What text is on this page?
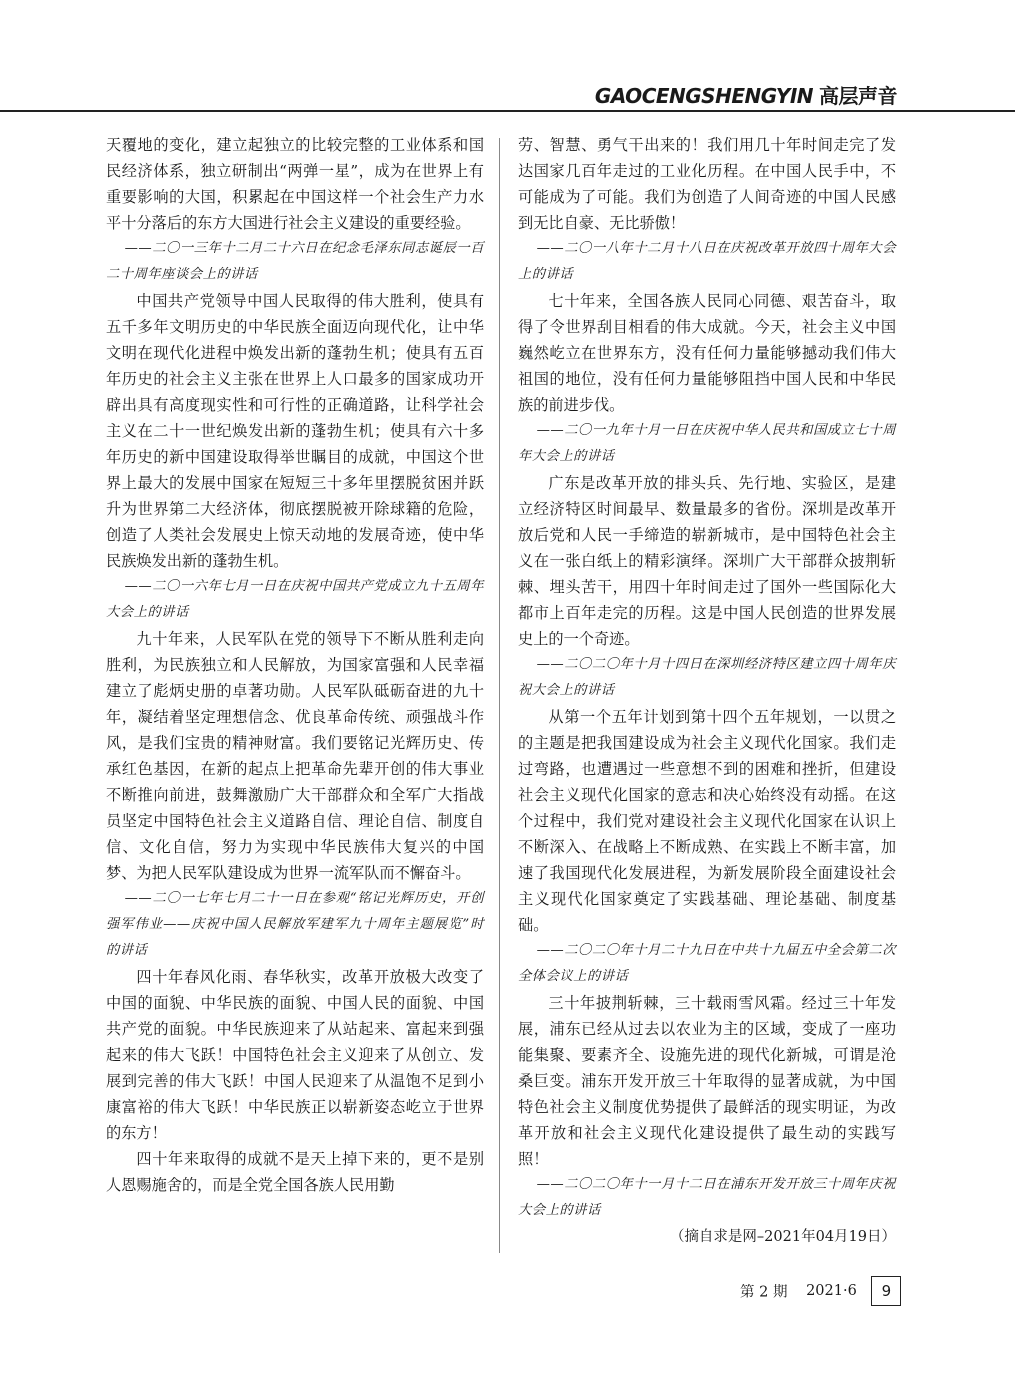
GAOCENGSHENGYIN 高层声音

天覆地的变化，建立起独立的比较完整的工业体系和国民经济体系，独立研制出“两弹一星”，成为在世界上有重要影响的大国，积累起在中国这样一个社会生产力水平十分落后的东方大国进行社会主义建设的重要经验。

——二〇一三年十二月二十六日在纪念毛泽东同志诞辰一百二十周年座谈会上的讲话

中国共产党领导中国人民取得的伟大胜利，使具有五千多年文明历史的中华民族全面迈向现代化，让中华文明在现代化进程中焕发出新的蓬勃生机；使具有五百年历史的社会主义主张在世界上人口最多的国家成功开辟出具有高度现实性和可行性的正确道路，让科学社会主义在二十一世纪焕发出新的蓬勃生机；使具有六十多年历史的新中国建设取得举世瞩目的成就，中国这个世界上最大的发展中国家在短短三十多年里摆脱贫困并跃升为世界第二大经济体，彻底摆脱被开除球籍的危险，创造了人类社会发展史上惊天动地的发展奇迹，使中华民族焕发出新的蓬勃生机。

——二〇一六年七月一日在庆祝中国共产党成立九十五周年大会上的讲话

九十年来，人民军队在党的领导下不断从胜利走向胜利，为民族独立和人民解放，为国家富强和人民幸福建立了彪炳史册的卓著功勋。人民军队砥砺奋进的九十年，凝结着坚定理想信念、优良革命传统、顽强战斗作风，是我们宝贵的精神财富。我们要铭记光辉历史、传承红色基因，在新的起点上把革命先辈开创的伟大事业不断推向前进，鼓舞激励广大干部群众和全军广大指战员坚定中国特色社会主义道路自信、理论自信、制度自信、文化自信，努力为实现中华民族伟大复兴的中国梦、为把人民军队建设成为世界一流军队而不懈奋斗。

——二〇一七年七月二十一日在参观“铭记光辉历史，开创强军伟业——庆祝中国人民解放军建军九十周年主题展览”时的讲话

四十年春风化雨、春华秋实，改革开放极大改变了中国的面貌、中华民族的面貌、中国人民的面貌、中国共产党的面貌。中华民族迎来了从站起来、富起来到强起来的伟大飞跃！中国特色社会主义迎来了从创立、发展到完善的伟大飞跃！中国人民迎来了从温饱不足到小康富裕的伟大飞跃！中华民族正以崭新姿态屹立于世界的东方！

四十年来取得的成就不是天上掉下来的，更不是别人恩赐施舍的，而是全党全国各族人民用勤

劳、智慧、勇气干出来的！我们用几十年时间走完了发达国家几百年走过的工业化历程。在中国人民手中，不可能成为了可能。我们为创造了人间奇迹的中国人民感到无比自豪、无比骄傲！

——二〇一八年十二月十八日在庆祝改革开放四十周年大会上的讲话

七十年来，全国各族人民同心同德、艰苦奋斗，取得了令世界刮目相看的伟大成就。今天，社会主义中国巍然屹立在世界东方，没有任何力量能够撼动我们伟大祖国的地位，没有任何力量能够阻挡中国人民和中华民族的前进步伐。

——二〇一九年十月一日在庆祝中华人民共和国成立七十周年大会上的讲话

广东是改革开放的排头兵、先行地、实验区，是建立经济特区时间最早、数量最多的省份。深圳是改革开放后党和人民一手缔造的崭新城市，是中国特色社会主义在一张白纸上的精彩演绎。深圳广大干部群众披荆斩棘、埋头苦干，用四十年时间走过了国外一些国际化大都市上百年走完的历程。这是中国人民创造的世界发展史上的一个奇迹。

——二〇二〇年十月十四日在深圳经济特区建立四十周年庆祝大会上的讲话

从第一个五年计划到第十四个五年规划，一以贯之的主题是把我国建设成为社会主义现代化国家。我们走过弯路，也遭遇过一些意想不到的困难和挫折，但建设社会主义现代化国家的意志和决心始终没有动摇。在这个过程中，我们党对建设社会主义现代化国家在认识上不断深入、在战略上不断成熟、在实践上不断丰富，加速了我国现代化发展进程，为新发展阶段全面建设社会主义现代化国家奠定了实践基础、理论基础、制度基础。

——二〇二〇年十月二十九日在中共十九届五中全会第二次全体会议上的讲话

三十年披荆斩棘，三十载雨雪风霜。经过三十年发展，浦东已经从过去以农业为主的区域，变成了一座功能集聚、要素齐全、设施先进的现代化新城，可谓是沧桑巨变。浦东开发开放三十年取得的显著成就，为中国特色社会主义制度优势提供了最鲜活的现实明证，为改革开放和社会主义现代化建设提供了最生动的实践写照！

——二〇二〇年十一月十二日在浦东开发开放三十周年庆祝大会上的讲话

（摘自求是网–2021年04月19日）

第 2 期 2021·6 9
